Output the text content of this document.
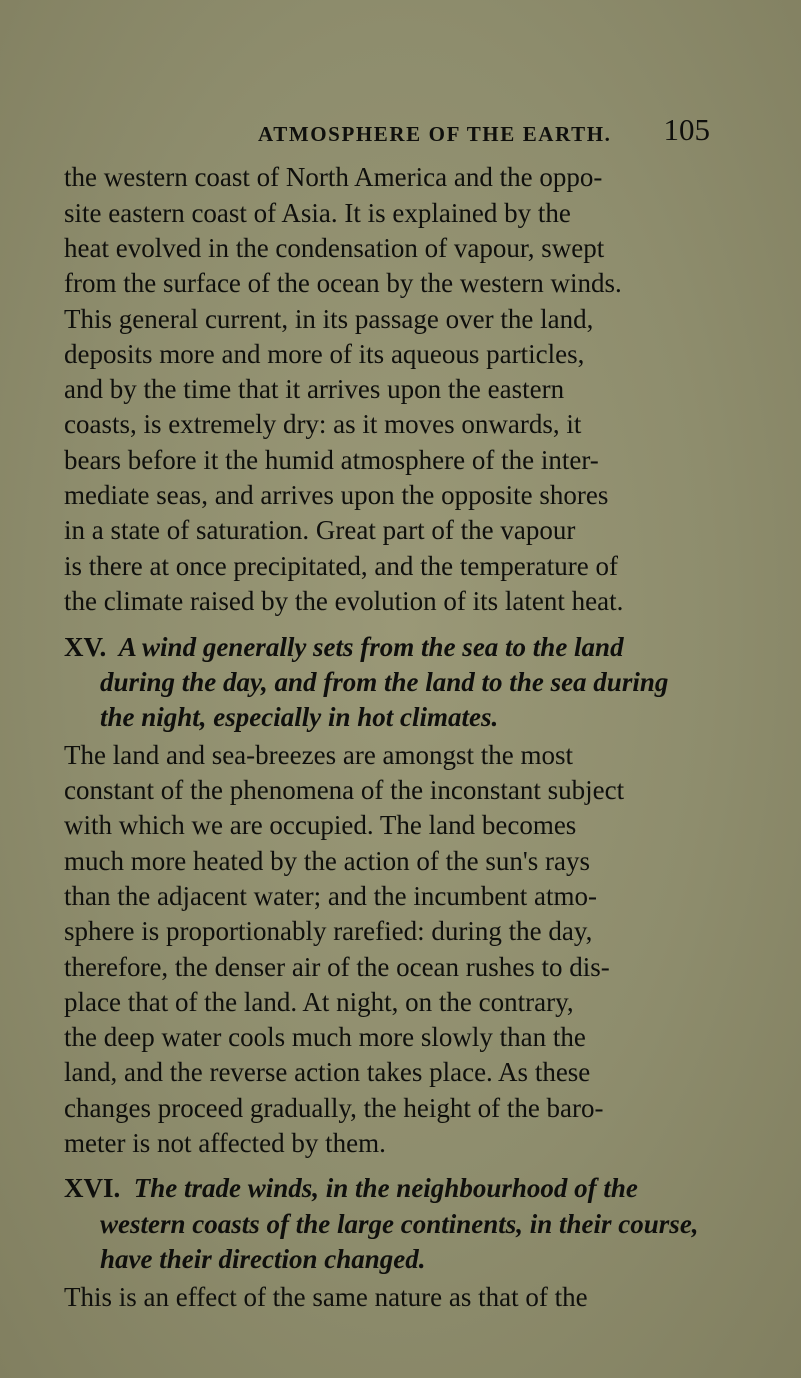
ATMOSPHERE OF THE EARTH. 105
the western coast of North America and the oppo-
site eastern coast of Asia. It is explained by the
heat evolved in the condensation of vapour, swept
from the surface of the ocean by the western winds.
This general current, in its passage over the land,
deposits more and more of its aqueous particles,
and by the time that it arrives upon the eastern
coasts, is extremely dry: as it moves onwards, it
bears before it the humid atmosphere of the inter-
mediate seas, and arrives upon the opposite shores
in a state of saturation. Great part of the vapour
is there at once precipitated, and the temperature of
the climate raised by the evolution of its latent heat.
XV. A wind generally sets from the sea to the land
during the day, and from the land to the sea during
the night, especially in hot climates.
The land and sea-breezes are amongst the most
constant of the phenomena of the inconstant subject
with which we are occupied. The land becomes
much more heated by the action of the sun's rays
than the adjacent water; and the incumbent atmo-
sphere is proportionably rarefied: during the day,
therefore, the denser air of the ocean rushes to dis-
place that of the land. At night, on the contrary,
the deep water cools much more slowly than the
land, and the reverse action takes place. As these
changes proceed gradually, the height of the baro-
meter is not affected by them.
XVI. The trade winds, in the neighbourhood of the
western coasts of the large continents, in their course,
have their direction changed.
This is an effect of the same nature as that of the
